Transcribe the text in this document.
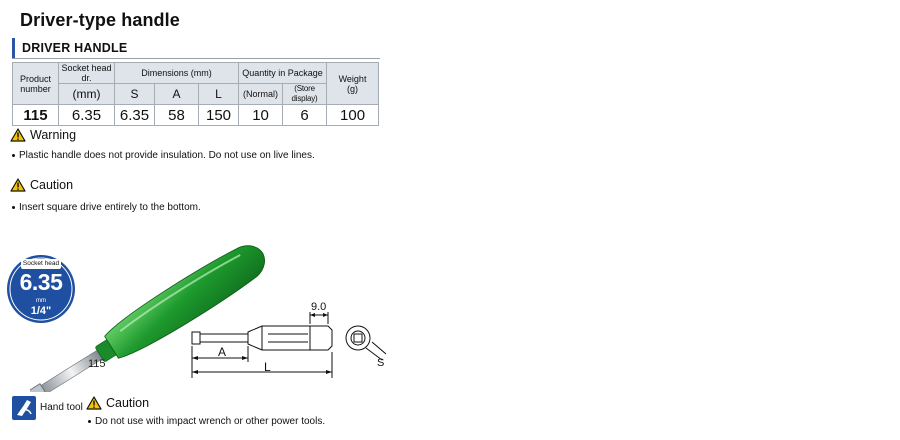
Driver-type handle
DRIVER HANDLE
Product number	Socket head dr.	Dimensions (mm)			Quantity in Package		Weight
(g)
	(mm)	S	A	L	(Normal)	(Store display)	
115	6.35	6.35	58	150	10	6	100
Warning
Plastic handle does not provide insulation. Do not use on live lines.
Caution
Insert square drive entirely to the bottom.
Socket head
6.35
mm
1/4"
115
9.0
A
L	S
Hand tool Caution
Do not use with impact wrench or other power tools.
